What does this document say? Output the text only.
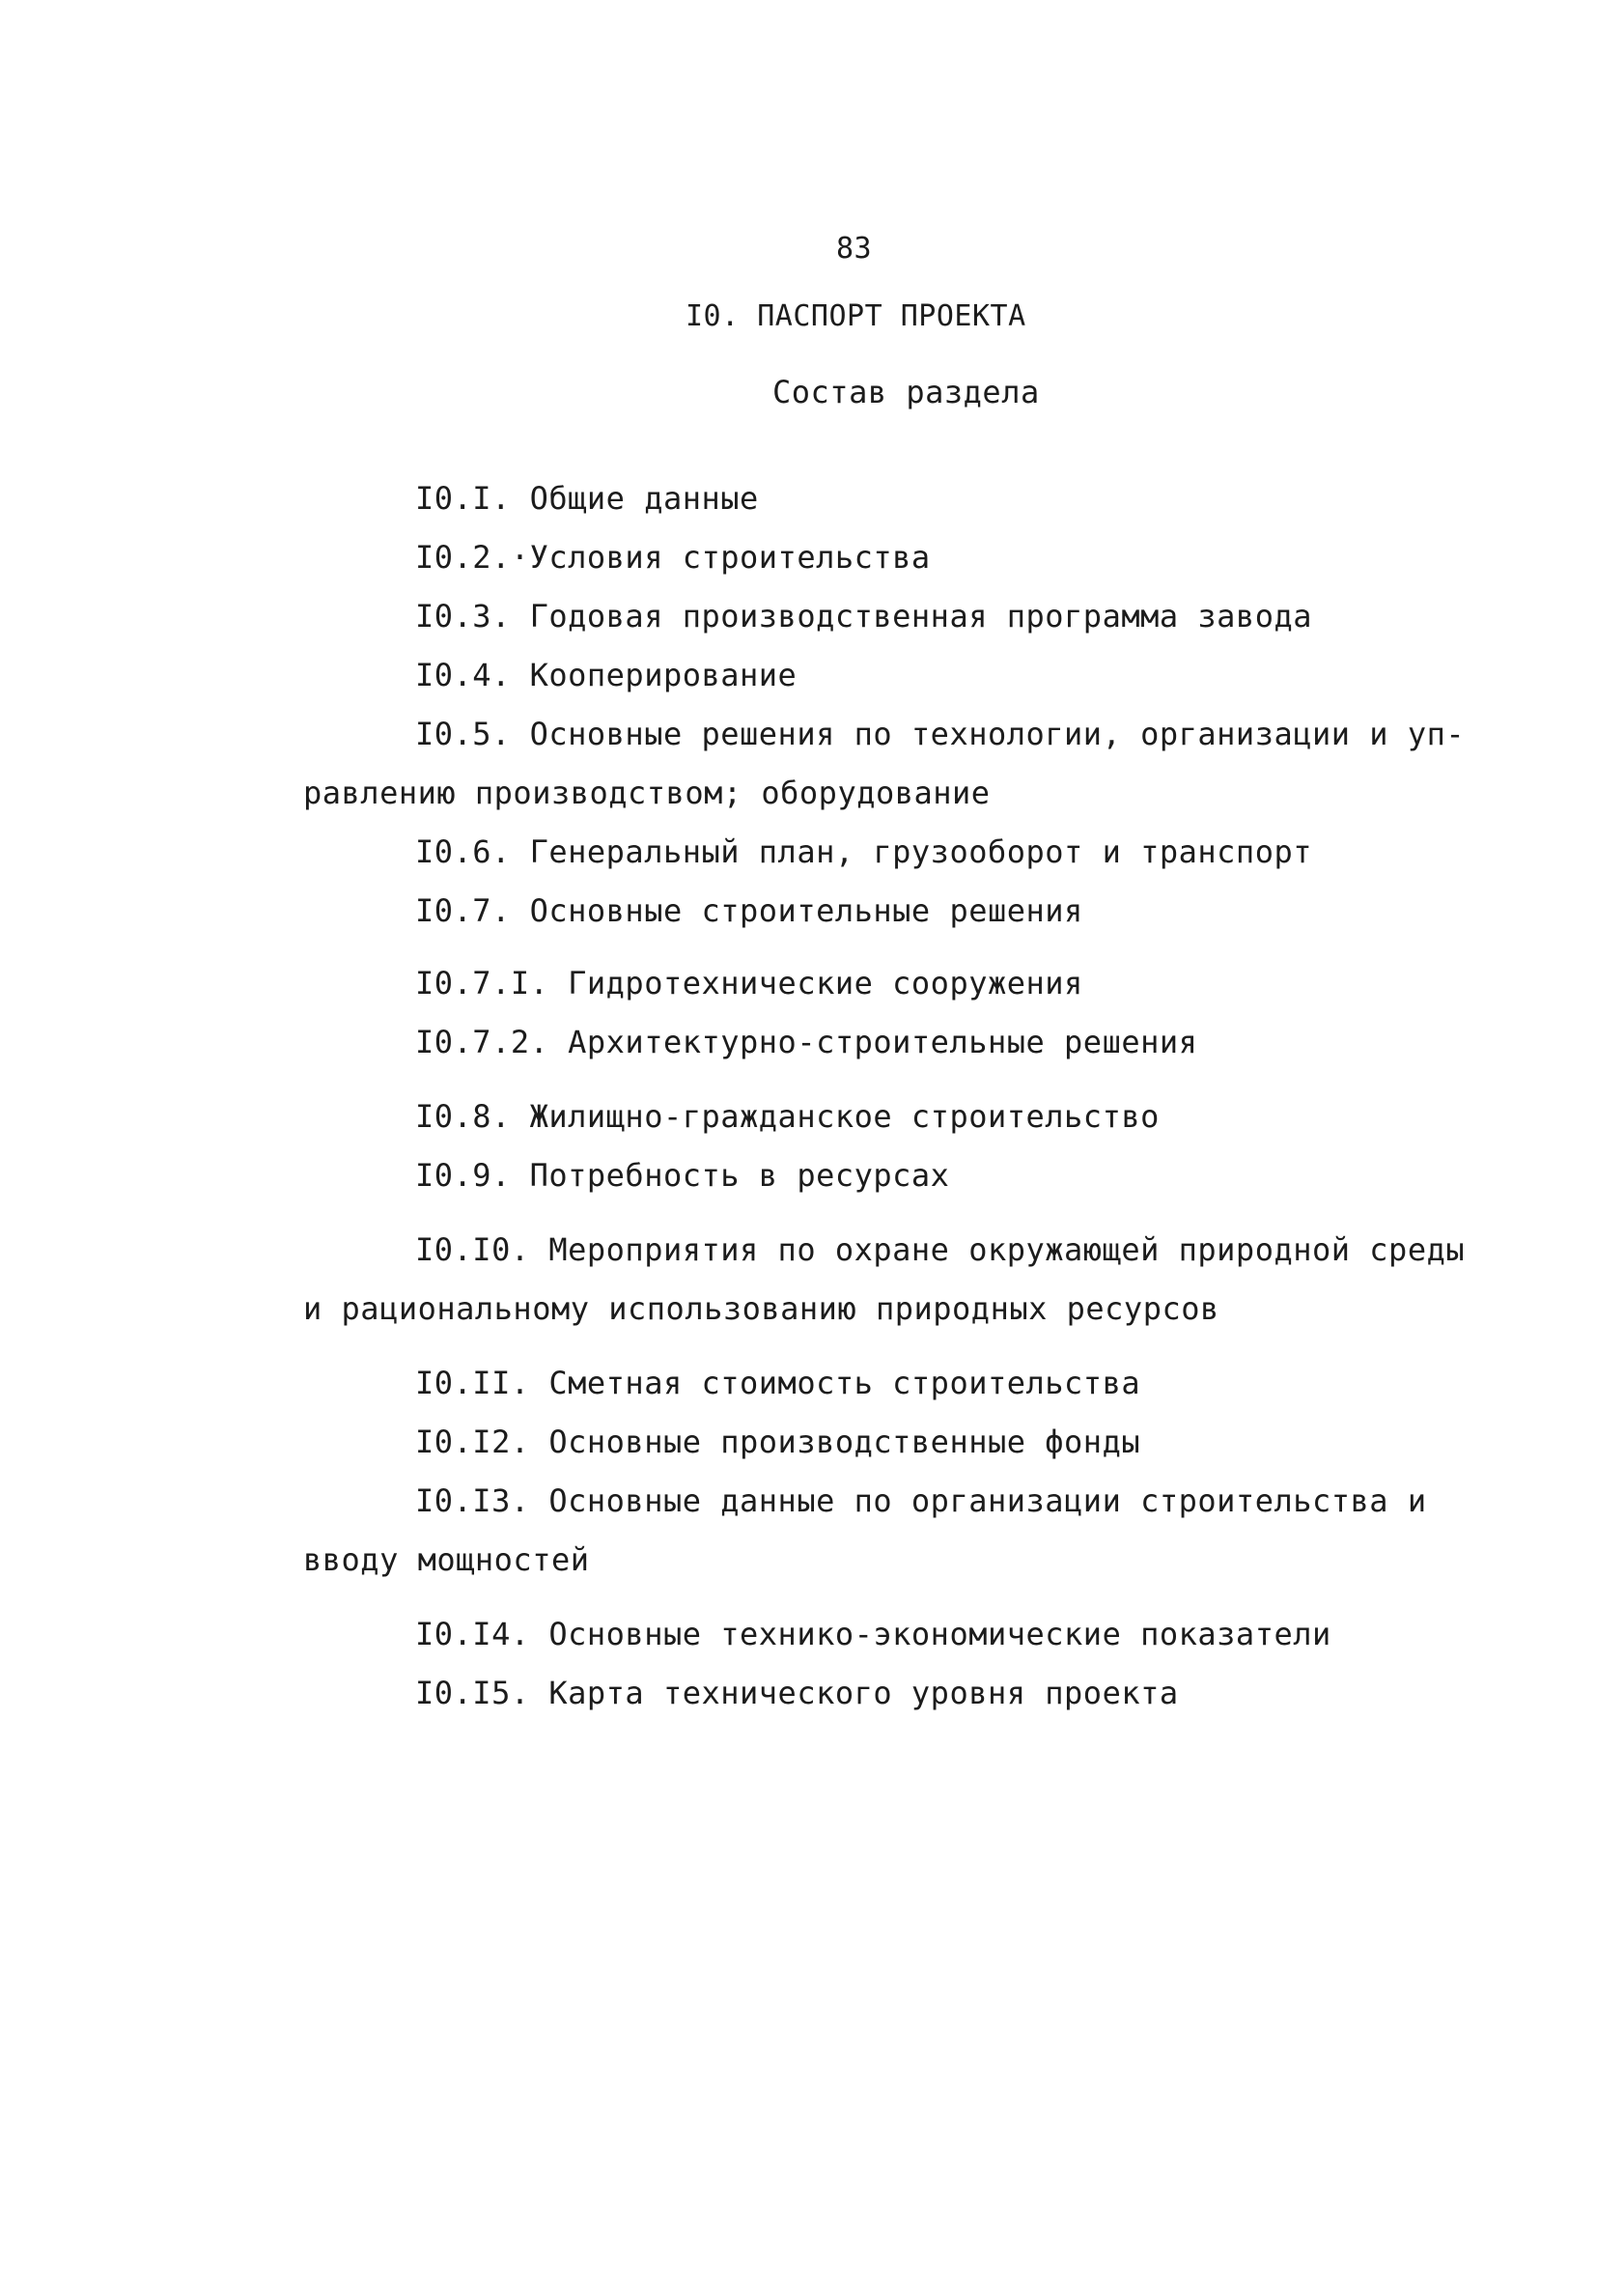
83
I0. ПАСПОРТ ПРОЕКТА
Состав раздела
I0.I. Общие данные
I0.2.·Условия строительства
I0.3. Годовая производственная программа завода
I0.4. Кооперирование
I0.5. Основные решения по технологии, организации и уп-
равлению производством; оборудование
I0.6. Генеральный план, грузооборот и транспорт
I0.7. Основные строительные решения
I0.7.I. Гидротехнические сооружения
I0.7.2. Архитектурно-строительные решения
I0.8. Жилищно-гражданское строительство
I0.9. Потребность в ресурсах
I0.I0. Мероприятия по охране окружающей природной среды
и рациональному использованию природных ресурсов
I0.II. Сметная стоимость строительства
I0.I2. Основные производственные фонды
I0.I3. Основные данные по организации строительства и
вводу мощностей
I0.I4. Основные технико-экономические показатели
I0.I5. Карта технического уровня проекта
